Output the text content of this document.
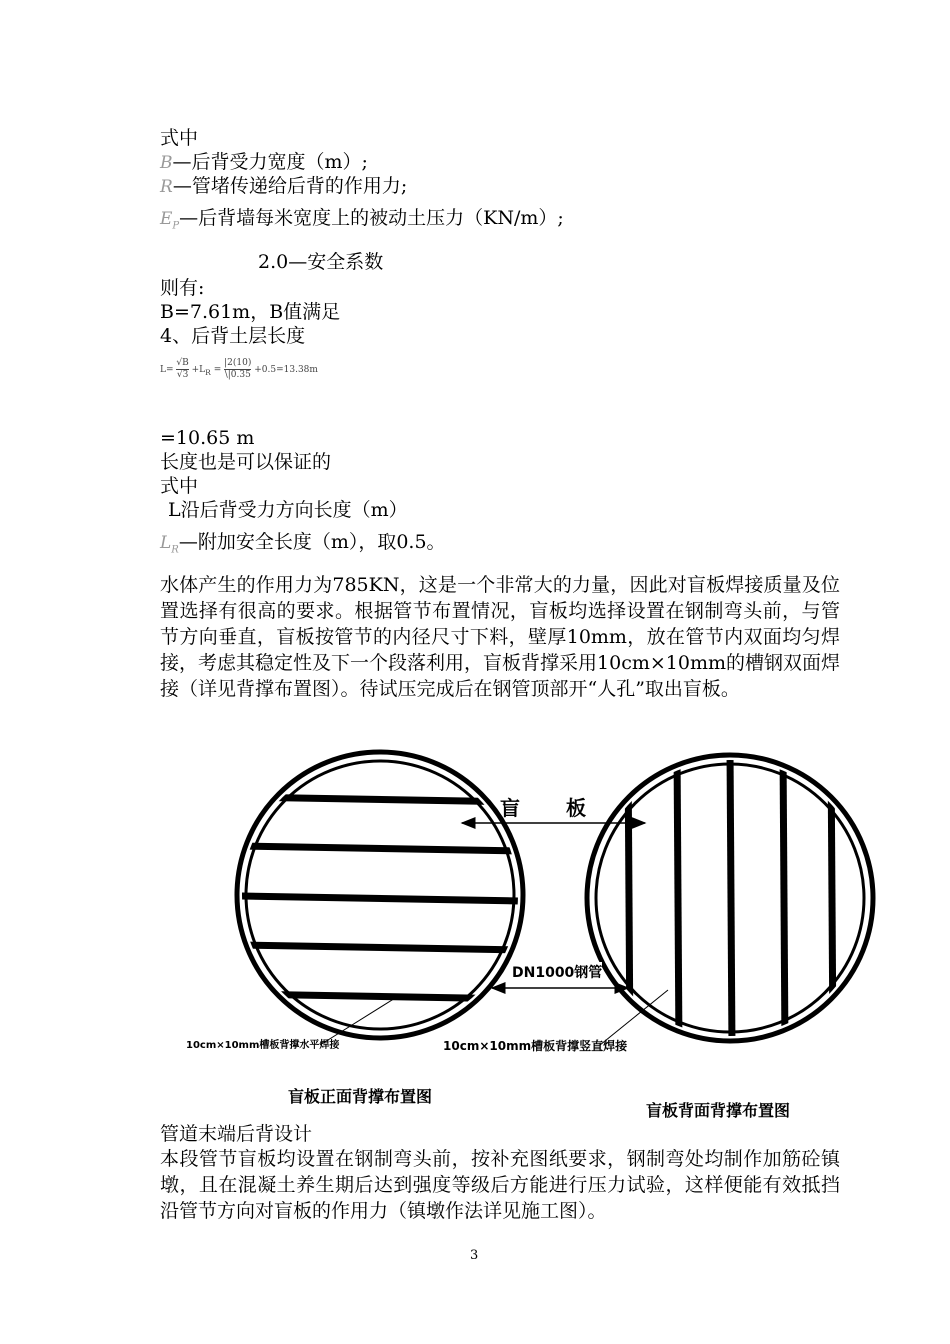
式中
B—后背受力宽度（m）;
R—管堵传递给后背的作用力;
$E_P—$后背墙每米宽度上的被动土压力（KN/m）;
2.0—安全系数
则有:
B=7.61m，B值满足
4、后背土层长度
$L= \frac{√B}{√3} +L_R = \frac{|2(10)}{\backslash|0.35} +0.5=13.38m$
=10.65 m
长度也是可以保证的
式中
L沿后背受力方向长度（m）
$L_R—$附加安全长度（m），取0.5。
水体产生的作用力为785KN，这是一个非常大的力量，因此对盲板焊接质量及位置选择有很高的要求。根据管节布置情况，盲板均选择设置在钢制弯头前，与管节方向垂直，盲板按管节的内径尺寸下料，壁厚10mm，放在管节内双面均匀焊接，考虑其稳定性及下一个段落利用，盲板背撑采用10cm×10mm的槽钢双面焊接（详见背撑布置图）。待试压完成后在钢管顶部开“人孔”取出盲板。
盲　　板
DN1000钢管
10cm×10mm槽板背撑水平焊接	10cm×10mm槽板背撑竖直焊接
盲板正面背撑布置图
盲板背面背撑布置图
管道末端后背设计
本段管节盲板均设置在钢制弯头前，按补充图纸要求，钢制弯处均制作加筋砼镇墩，且在混凝土养生期后达到强度等级后方能进行压力试验，这样便能有效抵挡沿管节方向对盲板的作用力（镇墩作法详见施工图）。
3
